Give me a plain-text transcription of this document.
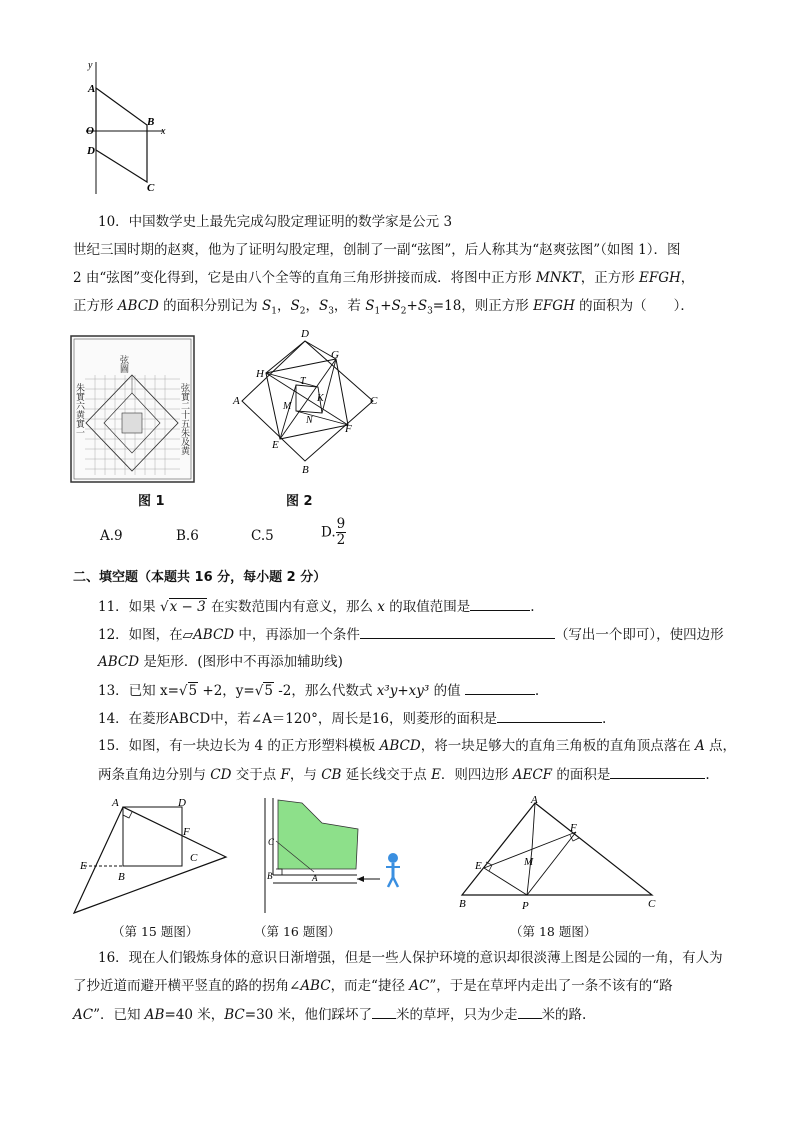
y
x
A
O
D
B
C
10．中国数学史上最先完成勾股定理证明的数学家是公元 3
世纪三国时期的赵爽，他为了证明勾股定理，创制了一副“弦图”，后人称其为“赵爽弦图”（如图 1）．图
2 由“弦图”变化得到，它是由八个全等的直角三角形拼接而成．将图中正方形 MNKT，正方形 EFGH，
正方形 ABCD 的面积分别记为 $S_1$，$S_2$，$S_3$，若 $S_1+S_2+S_3=18$，则正方形 EFGH 的面积为（　　）．
弦圖
朱實六黄實一	弦實二十五朱及黄
图 1
D
G
H
T
A	C
K
M
N
F
E
B
图 2
A.9	B.6	C.5	D. $\frac{9}{2}$
二、填空题（本题共 16 分，每小题 2 分）
11．如果 √x − 3 在实数范围内有意义，那么 x 的取值范围是	.
12．如图，在▱ABCD 中，再添加一个条件	（写出一个即可），使四边形
ABCD 是矩形．(图形中不再添加辅助线)
13．已知 x=√5 +2，y=√5 -2，那么代数式 x³y+xy³ 的值	.
14．在菱形ABCD中，若∠A＝120°，周长是16，则菱形的面积是	.
15．如图，有一块边长为 4 的正方形塑料模板 ABCD，将一块足够大的直角三角板的直角顶点落在 A 点，
两条直角边分别与 CD 交于点 F，与 CB 延长线交于点 E．则四边形 AECF 的面积是	.
A	D
F
C
E
B
（第 15 题图）
C
B	A
（第 16 题图）
A
F
E	M
B	P	C
（第 18 题图）
16．现在人们锻炼身体的意识日渐增强，但是一些人保护环境的意识却很淡薄上图是公园的一角，有人为
了抄近道而避开横平竖直的路的拐角∠ABC，而走“捷径 AC”，于是在草坪内走出了一条不该有的“路
AC”．已知 AB=40 米，BC=30 米，他们踩坏了 米的草坪，只为少走 米的路.
